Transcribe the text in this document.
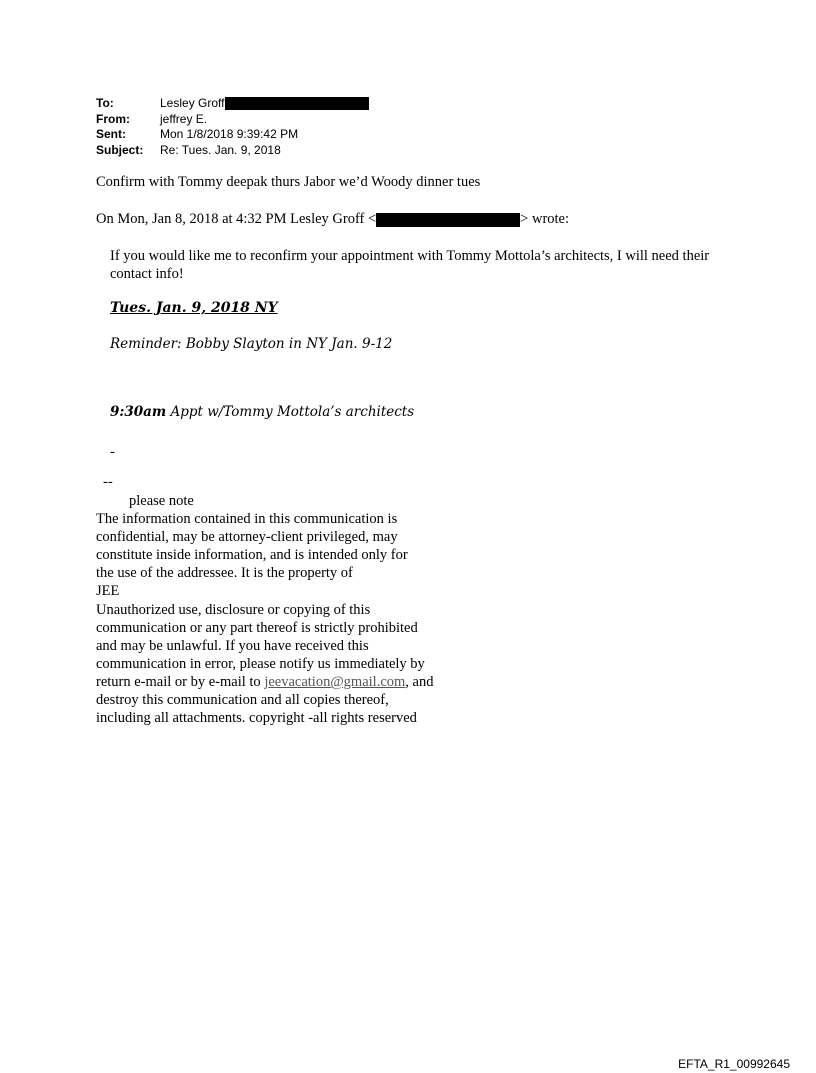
To:	Lesley Groff
From:	jeffrey E.
Sent:	Mon 1/8/2018 9:39:42 PM
Subject:	Re: Tues. Jan. 9, 2018
Confirm with Tommy deepak thurs Jabor we’d Woody dinner tues
On Mon, Jan 8, 2018 at 4:32 PM Lesley Groff <	> wrote:

If you would like me to reconfirm your appointment with Tommy Mottola’s architects, I will need their contact info!

Tues. Jan. 9, 2018 NY
Reminder: Bobby Slayton in NY Jan. 9-12
9:30am Appt w/Tommy Mottola’s architects
-
--
please note
The information contained in this communication is
confidential, may be attorney-client privileged, may
constitute inside information, and is intended only for
the use of the addressee. It is the property of
JEE
Unauthorized use, disclosure or copying of this
communication or any part thereof is strictly prohibited
and may be unlawful. If you have received this
communication in error, please notify us immediately by
return e-mail or by e-mail to jeevacation@gmail.com, and
destroy this communication and all copies thereof,
including all attachments. copyright -all rights reserved
EFTA_R1_00992645
